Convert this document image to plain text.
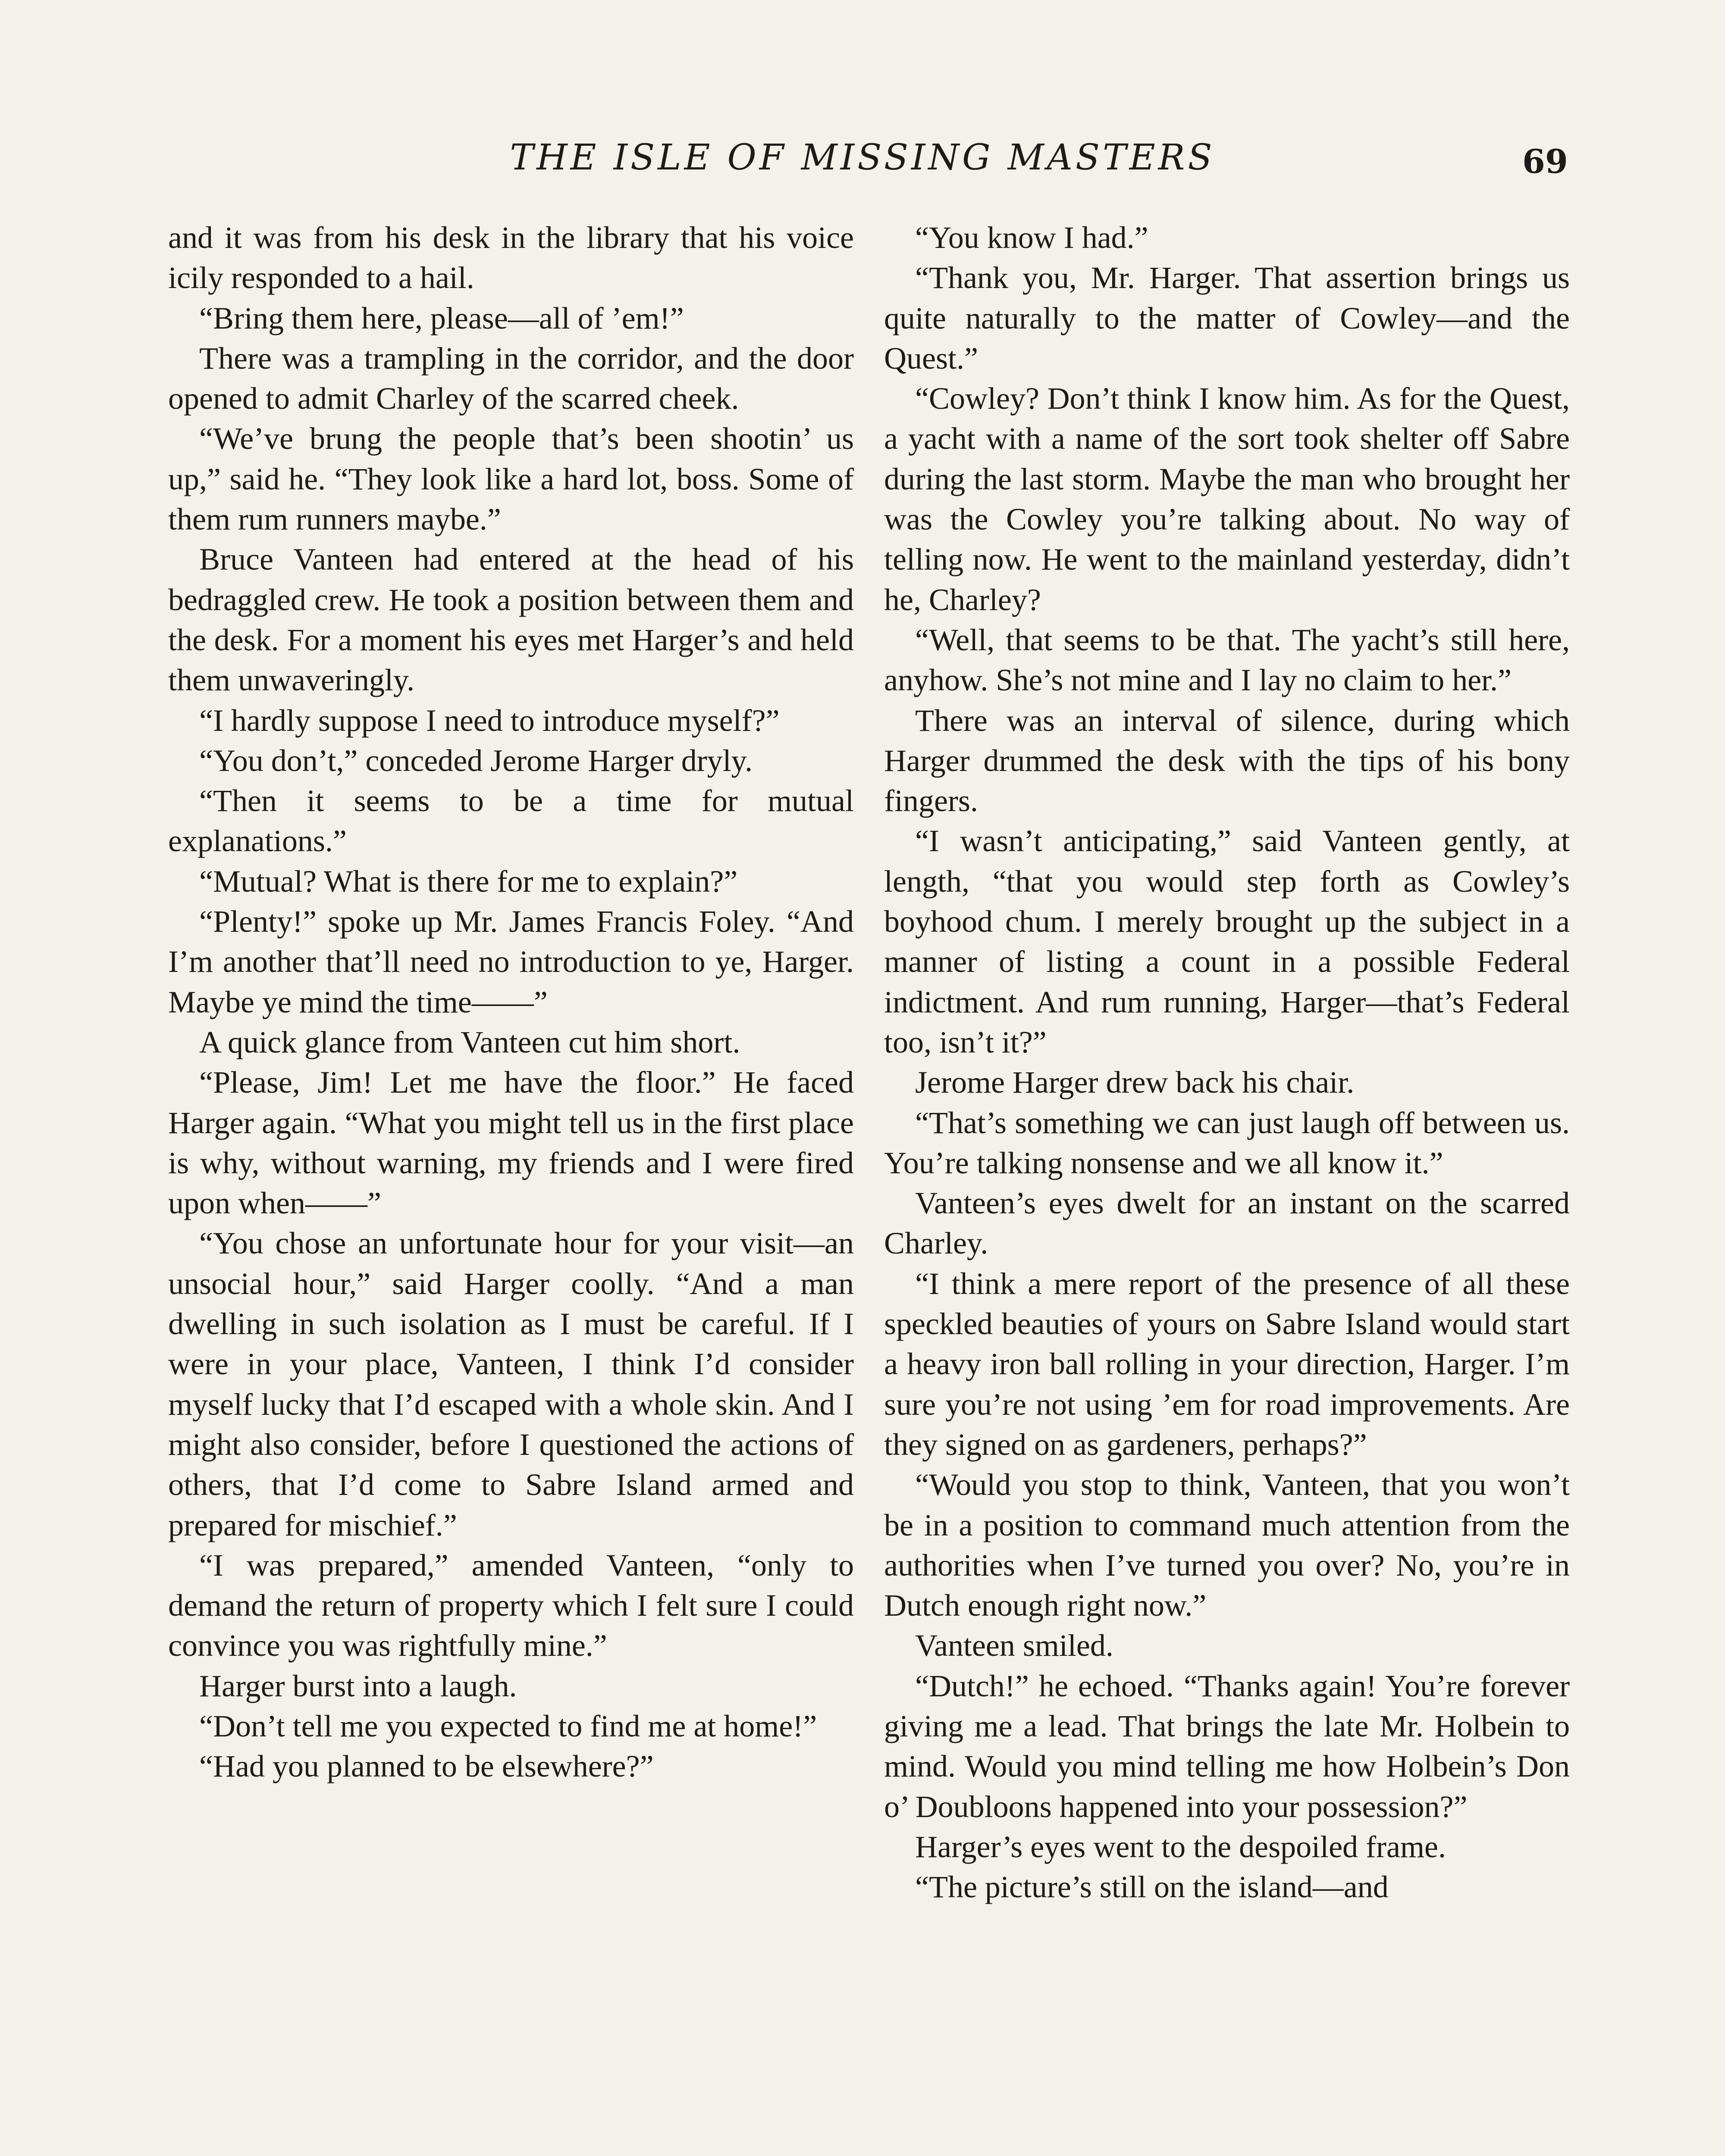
THE ISLE OF MISSING MASTERS	69

and it was from his desk in the library that his voice icily responded to a hail.

“Bring them here, please—all of ’em!”

There was a trampling in the corridor, and the door opened to admit Charley of the scarred cheek.

“We’ve brung the people that’s been shootin’ us up,” said he. “They look like a hard lot, boss. Some of them rum runners maybe.”

Bruce Vanteen had entered at the head of his bedraggled crew. He took a position between them and the desk. For a moment his eyes met Harger’s and held them unwaveringly.

“I hardly suppose I need to introduce myself?”

“You don’t,” conceded Jerome Harger dryly.

“Then it seems to be a time for mutual explanations.”

“Mutual? What is there for me to explain?”

“Plenty!” spoke up Mr. James Francis Foley. “And I’m another that’ll need no introduction to ye, Harger. Maybe ye mind the time——”

A quick glance from Vanteen cut him short.

“Please, Jim! Let me have the floor.” He faced Harger again. “What you might tell us in the first place is why, without warning, my friends and I were fired upon when——”

“You chose an unfortunate hour for your visit—an unsocial hour,” said Harger coolly. “And a man dwelling in such isolation as I must be careful. If I were in your place, Vanteen, I think I’d consider myself lucky that I’d escaped with a whole skin. And I might also consider, before I questioned the actions of others, that I’d come to Sabre Island armed and prepared for mischief.”

“I was prepared,” amended Vanteen, “only to demand the return of property which I felt sure I could convince you was rightfully mine.”

Harger burst into a laugh.

“Don’t tell me you expected to find me at home!”

“Had you planned to be elsewhere?”

“You know I had.”

“Thank you, Mr. Harger. That assertion brings us quite naturally to the matter of Cowley—and the Quest.”

“Cowley? Don’t think I know him. As for the Quest, a yacht with a name of the sort took shelter off Sabre during the last storm. Maybe the man who brought her was the Cowley you’re talking about. No way of telling now. He went to the mainland yesterday, didn’t he, Charley?

“Well, that seems to be that. The yacht’s still here, anyhow. She’s not mine and I lay no claim to her.”

There was an interval of silence, during which Harger drummed the desk with the tips of his bony fingers.

“I wasn’t anticipating,” said Vanteen gently, at length, “that you would step forth as Cowley’s boyhood chum. I merely brought up the subject in a manner of listing a count in a possible Federal indictment. And rum running, Harger—that’s Federal too, isn’t it?”

Jerome Harger drew back his chair.

“That’s something we can just laugh off between us. You’re talking nonsense and we all know it.”

Vanteen’s eyes dwelt for an instant on the scarred Charley.

“I think a mere report of the presence of all these speckled beauties of yours on Sabre Island would start a heavy iron ball rolling in your direction, Harger. I’m sure you’re not using ’em for road improvements. Are they signed on as gardeners, perhaps?”

“Would you stop to think, Vanteen, that you won’t be in a position to command much attention from the authorities when I’ve turned you over? No, you’re in Dutch enough right now.”

Vanteen smiled.

“Dutch!” he echoed. “Thanks again! You’re forever giving me a lead. That brings the late Mr. Holbein to mind. Would you mind telling me how Holbein’s Don o’ Doubloons happened into your possession?”

Harger’s eyes went to the despoiled frame.

“The picture’s still on the island—and
